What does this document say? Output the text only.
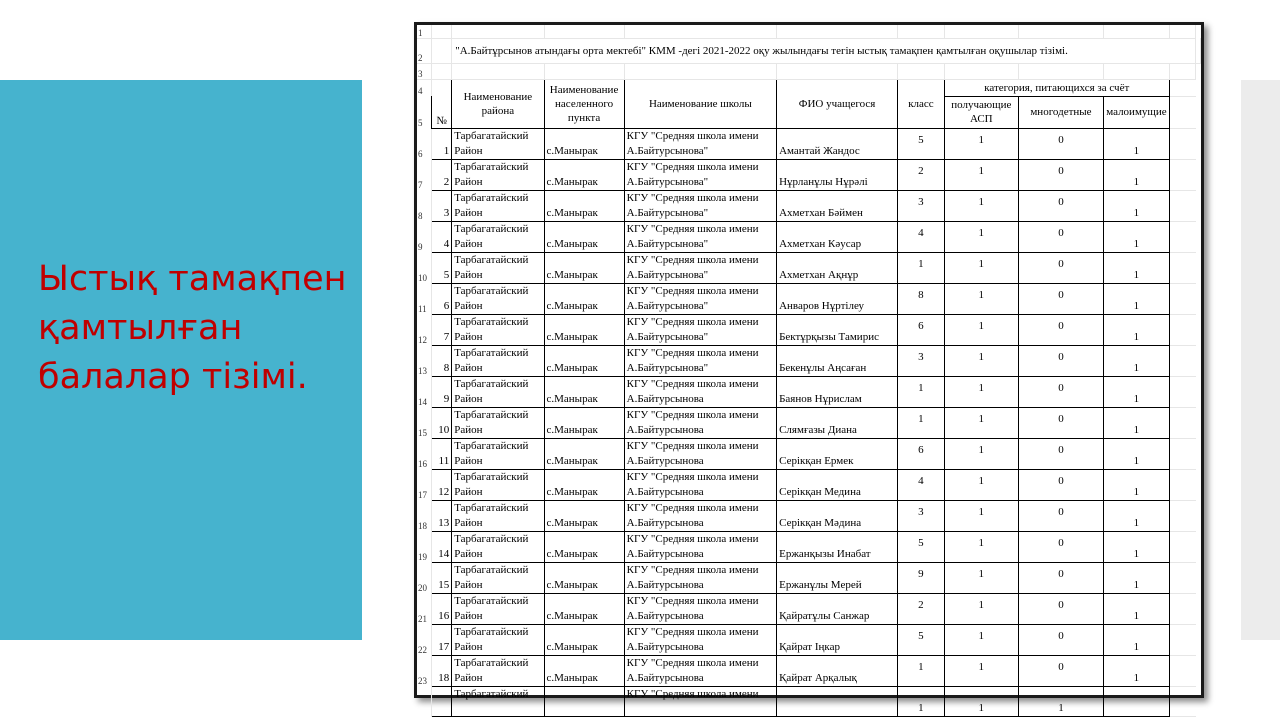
Ыстық тамақпен қамтылған балалар тізімі.
1											
2		"А.Байтұрсынов атындағы орта мектебі" КММ -дегі 2021-2022 оқу жылындағы тегін ыстық тамақпен қамтылған оқушылар тізімі.									
3											
4	№	Наименование района	Наименование населенного пункта	Наименование школы	ФИО учащегося	класс	категория, питающихся за счёт				
5							получающие АСП	многодетные	малоимущие		
6	1	Тарбагатайский Район	с.Манырак	КГУ "Средняя школа имени А.Байтурсынова"	Амантай Жандос	5	1	0	1		
7	2	Тарбагатайский Район	с.Манырак	КГУ "Средняя школа имени А.Байтурсынова"	Нұрланұлы Нұрәлі	2	1	0	1		
8	3	Тарбагатайский Район	с.Манырак	КГУ "Средняя школа имени А.Байтурсынова"	Ахметхан Бәймен	3	1	0	1		
9	4	Тарбагатайский Район	с.Манырак	КГУ "Средняя школа имени А.Байтурсынова"	Ахметхан Кәусар	4	1	0	1		
10	5	Тарбагатайский Район	с.Манырак	КГУ "Средняя школа имени А.Байтурсынова"	Ахметхан Ақнұр	1	1	0	1		
11	6	Тарбагатайский Район	с.Манырак	КГУ "Средняя школа имени А.Байтурсынова"	Анваров Нұртілеу	8	1	0	1		
12	7	Тарбагатайский Район	с.Манырак	КГУ "Средняя школа имени А.Байтурсынова"	Бектұрқызы Тамирис	6	1	0	1		
13	8	Тарбагатайский Район	с.Манырак	КГУ "Средняя школа имени А.Байтурсынова"	Бекенұлы Аңсаған	3	1	0	1		
14	9	Тарбагатайский Район	с.Манырак	КГУ "Средняя школа имени А.Байтурсынова	Баянов Нұрислам	1	1	0	1		
15	10	Тарбагатайский Район	с.Манырак	КГУ "Средняя школа имени А.Байтурсынова	Слямғазы Диана	1	1	0	1		
16	11	Тарбагатайский Район	с.Манырак	КГУ "Средняя школа имени А.Байтурсынова	Серікқан Ермек	6	1	0	1		
17	12	Тарбагатайский Район	с.Манырак	КГУ "Средняя школа имени А.Байтурсынова	Серікқан Медина	4	1	0	1		
18	13	Тарбагатайский Район	с.Манырак	КГУ "Средняя школа имени А.Байтурсынова	Серікқан Мәдина	3	1	0	1		
19	14	Тарбагатайский Район	с.Манырак	КГУ "Средняя школа имени А.Байтурсынова	Ержанқызы Инабат	5	1	0	1		
20	15	Тарбагатайский Район	с.Манырак	КГУ "Средняя школа имени А.Байтурсынова	Ержанұлы Мерей	9	1	0	1		
21	16	Тарбагатайский Район	с.Манырак	КГУ "Средняя школа имени А.Байтурсынова	Қайратұлы Санжар	2	1	0	1		
22	17	Тарбагатайский Район	с.Манырак	КГУ "Средняя школа имени А.Байтурсынова	Қайрат Іңкар	5	1	0	1		
23	18	Тарбагатайский Район	с.Манырак	КГУ "Средняя школа имени А.Байтурсынова	Қайрат Арқалық	1	1	0	1		
		Тарбагатайский		КГУ "Средняя школа имени		1	1	1			
